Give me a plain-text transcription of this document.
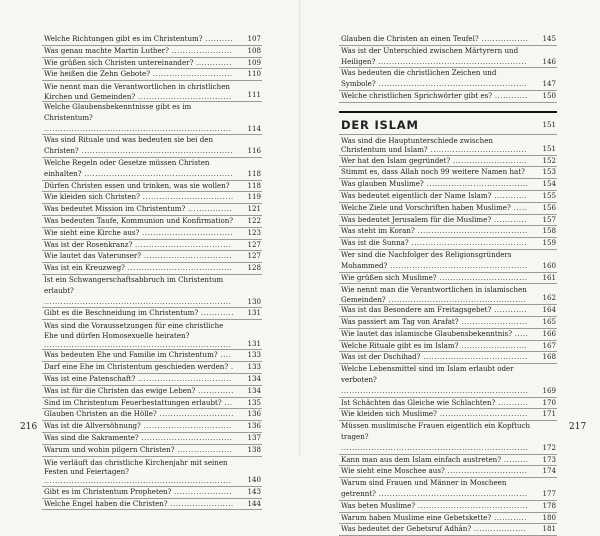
Welche Richtungen gibt es im Christentum? .......... 107
Was genau machte Martin Luther? ...................... 108
Wie grüßen sich Christen untereinander? ............. 109
Wie heißen die Zehn Gebote? ............................. 110
Wie nennt man die Verantwortlichen in christlichen Kirchen und Gemeinden? .................................. 111
Welche Glaubensbekenntnisse gibt es im Christentum? .................................................................... 114
Was sind Rituale und was bedeuten sie bei den Christen? ....................................................... 116
Welche Regeln oder Gesetze müssen Christen einhalten? ...................................................... 118
Dürfen Christen essen und trinken, was sie wollen?	118
Wie kleiden sich Christen? ................................. 119
Was bedeutet Mission im Christentum? ................ 121
Was bedeuten Taufe, Kommunion und Konfirmation? 122
Wie sieht eine Kirche aus? ................................. 123
Was ist der Rosenkranz? ................................... 127
Wie lautet das Vaterunser? ................................ 127
Was ist ein Kreuzweg? ...................................... 128
Ist ein Schwangerschaftsabbruch im Christentum erlaubt? .................................................................... 130
Gibt es die Beschneidung im Christentum? ............ 131
Was sind die Voraussetzungen für eine christliche Ehe und dürfen Homosexuelle heiraten? .................................................................... 131
Was bedeuten Ehe und Familie im Christentum? .... 133
Darf eine Ehe im Christentum geschieden werden? . 133
Was ist eine Patenschaft? .................................. 134
Was ist für die Christen das ewige Leben? ............. 134
Sind im Christentum Feuerbestattungen erlaubt? ... 135
Glauben Christen an die Hölle? ........................... 136
Was ist die Allversöhnung? ................................ 136
Was sind die Sakramente? ................................. 137
Warum und wohin pilgern Christen? .................... 138
Wie verläuft das christliche Kirchenjahr mit seinen Festen und Feiertagen? .................................................................... 140
Gibt es im Christentum Propheten? ..................... 143
Welche Engel haben die Christen? ....................... 144
216
Glauben die Christen an einen Teufel? ................. 145
Was ist der Unterschied zwischen Märtyrern und Heiligen? ...................................................... 146
Was bedeuten die christlichen Zeichen und Symbole? ...................................................... 147
Welche christlichen Sprichwörter gibt es? ............ 150
DER ISLAM	151
Was sind die Hauptunterschiede zwischen Christentum und Islam? ................................... 151
Wer hat den Islam gegründet? ........................... 152
Stimmt es, dass Allah noch 99 weitere Namen hat? 153
Was glauben Muslime? ..................................... 154
Was bedeutet eigentlich der Name Islam? ............ 155
Welche Ziele und Vorschriften haben Muslime? ..... 156
Was bedeutet Jerusalem für die Muslime? ............ 157
Was steht im Koran? ........................................ 158
Was ist die Sunna? .......................................... 159
Wer sind die Nachfolger des Religionsgründers Mohammed? .................................................. 160
Wie grüßen sich Muslime? ................................ 161
Wie nennt man die Verantwortlichen in islamischen Gemeinden? .................................................. 162
Was ist das Besondere am Freitagsgebet? ............ 164
Was passiert am Tag von Arafat? ........................ 165
Wie lautet das islamische Glaubensbekenntnis? ..... 166
Welche Rituale gibt es im Islam? ........................ 167
Was ist der Dschihad? ...................................... 168
Welche Lebensmittel sind im Islam erlaubt oder verboten? .................................................................... 169
Ist Schächten das Gleiche wie Schlachten? ........... 170
Wie kleiden sich Muslime? ................................ 171
Müssen muslimische Frauen eigentlich ein Kopftuch tragen? .................................................................... 172
Kann man aus dem Islam einfach austreten? ......... 173
Wie sieht eine Moschee aus? ............................. 174
Warum sind Frauen und Männer in Moscheen getrennt? ...................................................... 177
Was beten Muslime? ........................................ 178
Warum haben Muslime eine Gebetskette? ............ 180
Was bedeutet der Gebetsruf Adhān? ................... 181
217
